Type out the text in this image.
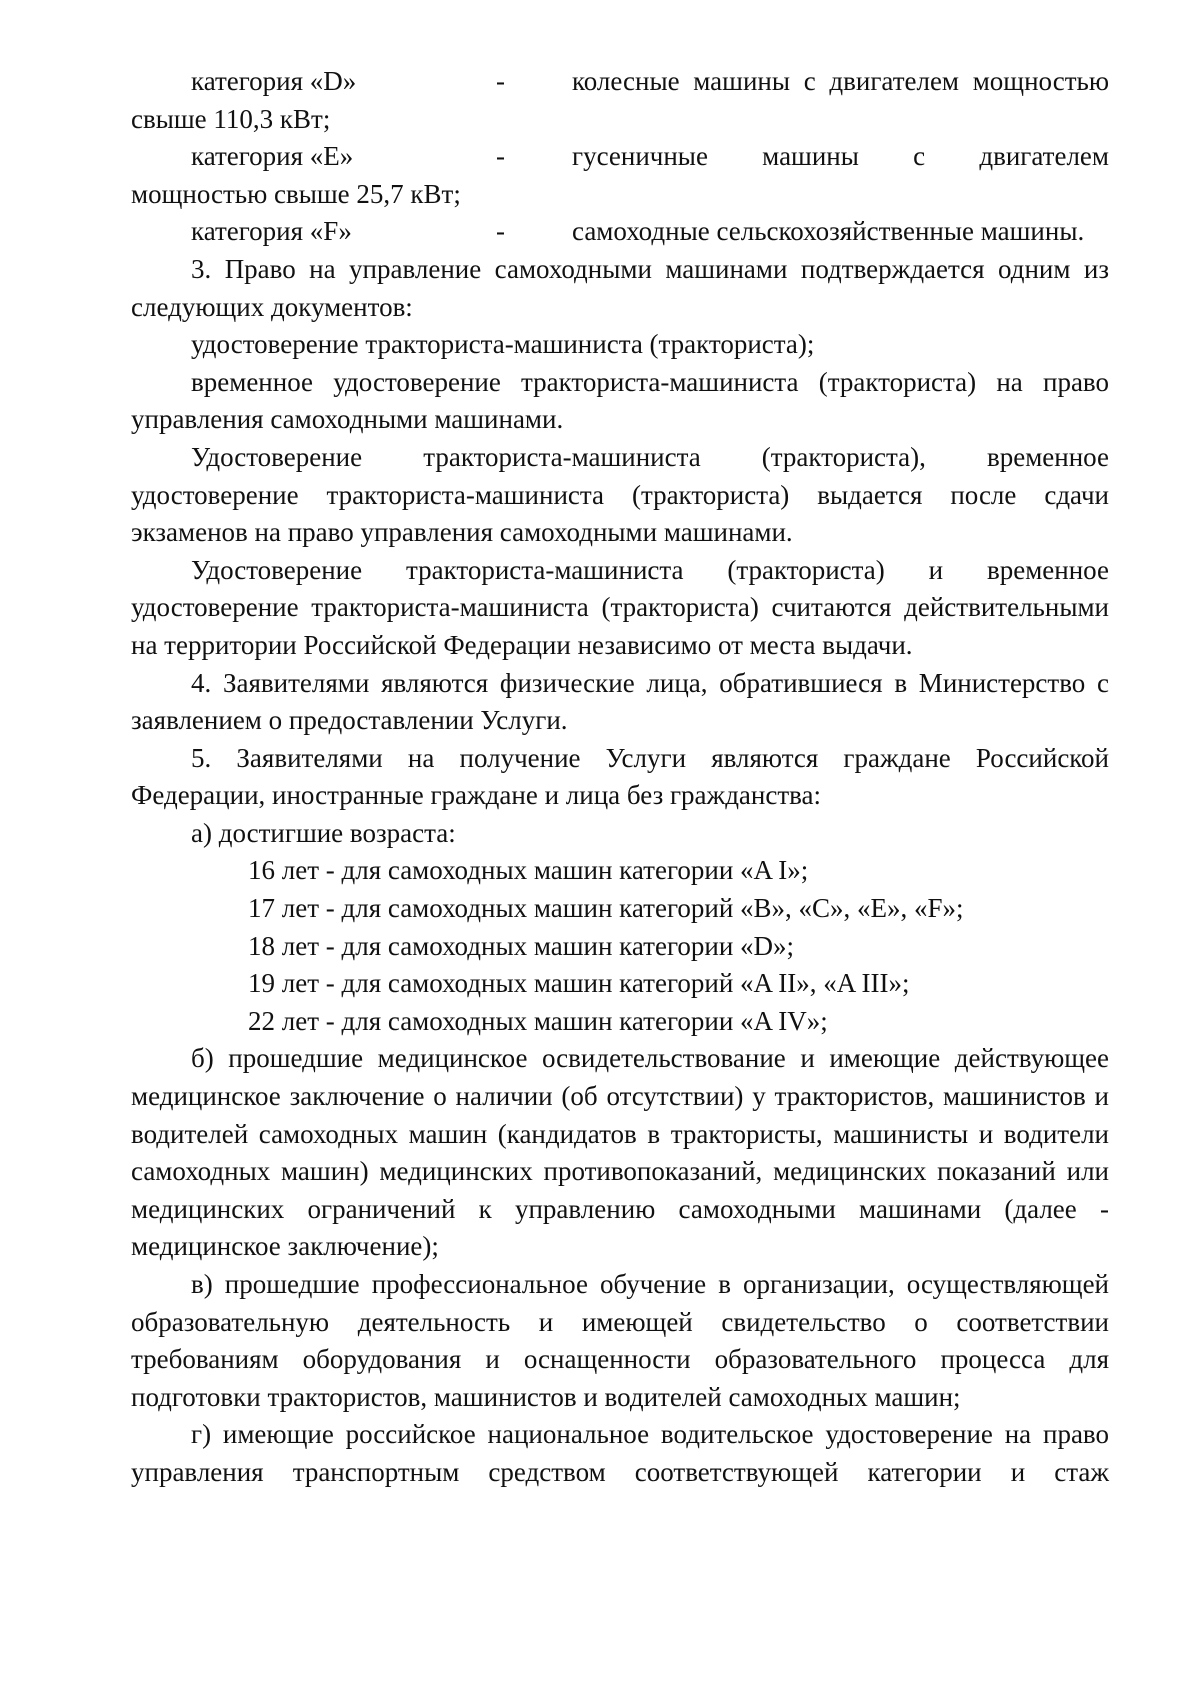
категория «D»	-	колесные машины с двигателем мощностью

свыше 110,3 кВт;

категория «E»	-	гусеничные машины с двигателем

мощностью свыше 25,7 кВт;

категория «F»	-	самоходные сельскохозяйственные машины.

3. Право на управление самоходными машинами подтверждается одним из следующих документов:

удостоверение тракториста-машиниста (тракториста);

временное удостоверение тракториста-машиниста (тракториста) на право управления самоходными машинами.

Удостоверение тракториста-машиниста (тракториста), временное удостоверение тракториста-машиниста (тракториста) выдается после сдачи экзаменов на право управления самоходными машинами.

Удостоверение тракториста-машиниста (тракториста) и временное удостоверение тракториста-машиниста (тракториста) считаются действительными на территории Российской Федерации независимо от места выдачи.

4. Заявителями являются физические лица, обратившиеся в Министерство с заявлением о предоставлении Услуги.

5. Заявителями на получение Услуги являются граждане Российской Федерации, иностранные граждане и лица без гражданства:

а) достигшие возраста:

16 лет - для самоходных машин категории «A I»;

17 лет - для самоходных машин категорий «B», «C», «E», «F»;

18 лет - для самоходных машин категории «D»;

19 лет - для самоходных машин категорий «A II», «A III»;

22 лет - для самоходных машин категории «A IV»;

б) прошедшие медицинское освидетельствование и имеющие действующее медицинское заключение о наличии (об отсутствии) у трактористов, машинистов и водителей самоходных машин (кандидатов в трактористы, машинисты и водители самоходных машин) медицинских противопоказаний, медицинских показаний или медицинских ограничений к управлению самоходными машинами (далее - медицинское заключение);

в) прошедшие профессиональное обучение в организации, осуществляющей образовательную деятельность и имеющей свидетельство о соответствии требованиям оборудования и оснащенности образовательного процесса для подготовки трактористов, машинистов и водителей самоходных машин;

г) имеющие российское национальное водительское удостоверение на право управления транспортным средством соответствующей категории и стаж
